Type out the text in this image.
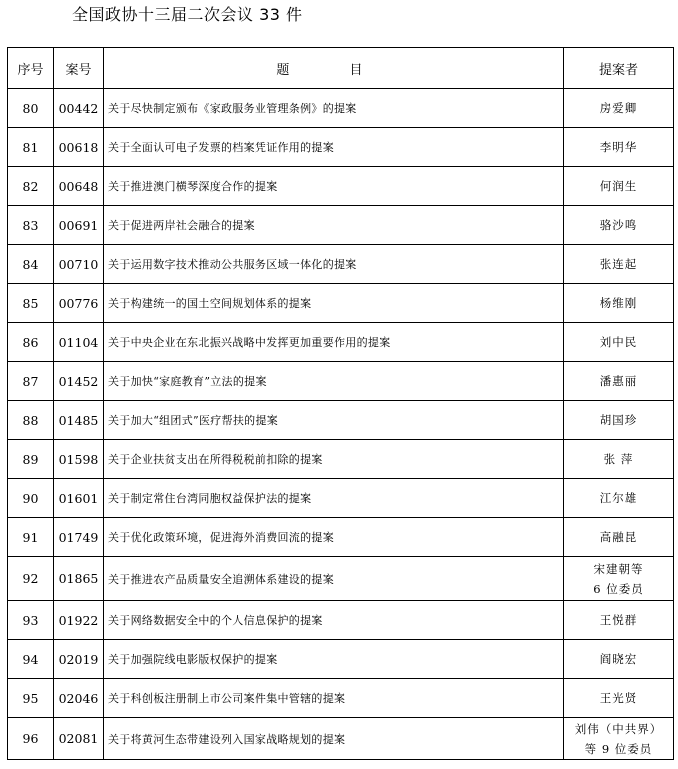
全国政协十三届二次会议 33 件
序号	案号	题 目	提案者
80	00442	关于尽快制定颁布《家政服务业管理条例》的提案	房爱卿

81	00618	关于全面认可电子发票的档案凭证作用的提案	李明华

82	00648	关于推进澳门横琴深度合作的提案	何润生

83	00691	关于促进两岸社会融合的提案	骆沙鸣

84	00710	关于运用数字技术推动公共服务区域一体化的提案	张连起

85	00776	关于构建统一的国土空间规划体系的提案	杨维刚

86	01104	关于中央企业在东北振兴战略中发挥更加重要作用的提案	刘中民

87	01452	关于加快“家庭教育”立法的提案	潘惠丽

88	01485	关于加大“组团式”医疗帮扶的提案	胡国珍

89	01598	关于企业扶贫支出在所得税税前扣除的提案	张 萍

90	01601	关于制定常住台湾同胞权益保护法的提案	江尔雄

91	01749	关于优化政策环境，促进海外消费回流的提案	高融昆

92	01865	关于推进农产品质量安全追溯体系建设的提案	宋建朝等
6 位委员

93	01922	关于网络数据安全中的个人信息保护的提案	王悦群

94	02019	关于加强院线电影版权保护的提案	阎晓宏

95	02046	关于科创板注册制上市公司案件集中管辖的提案	王光贤

96	02081	关于将黄河生态带建设列入国家战略规划的提案	刘伟（中共界）
等 9 位委员
